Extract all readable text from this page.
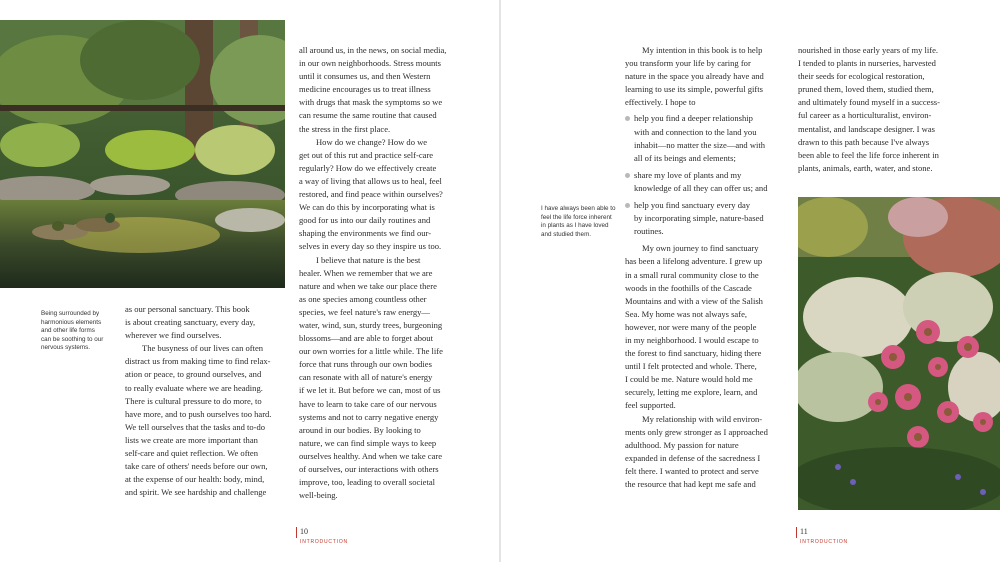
Being surrounded by
harmonious elements
and other life forms
can be soothing to our
nervous systems.

as our personal sanctuary. This book
is about creating sanctuary, every day,
wherever we find ourselves.

The busyness of our lives can often
distract us from making time to find relax-
ation or peace, to ground ourselves, and
to really evaluate where we are heading.
There is cultural pressure to do more, to
have more, and to push ourselves too hard.
We tell ourselves that the tasks and to-do
lists we create are more important than
self-care and quiet reflection. We often
take care of others' needs before our own,
at the expense of our health: body, mind,
and spirit. We see hardship and challenge

all around us, in the news, on social media,
in our own neighborhoods. Stress mounts
until it consumes us, and then Western
medicine encourages us to treat illness
with drugs that mask the symptoms so we
can resume the same routine that caused
the stress in the first place.

How do we change? How do we
get out of this rut and practice self-care
regularly? How do we effectively create
a way of living that allows us to heal, feel
restored, and find peace within ourselves?
We can do this by incorporating what is
good for us into our daily routines and
shaping the environments we find our-
selves in every day so they inspire us too.

I believe that nature is the best
healer. When we remember that we are
nature and when we take our place there
as one species among countless other
species, we feel nature's raw energy—
water, wind, sun, sturdy trees, burgeoning
blossoms—and are able to forget about
our own worries for a little while. The life
force that runs through our own bodies
can resonate with all of nature's energy
if we let it. But before we can, most of us
have to learn to take care of our nervous
systems and not to carry negative energy
around in our bodies. By looking to
nature, we can find simple ways to keep
ourselves healthy. And when we take care
of ourselves, our interactions with others
improve, too, leading to overall societal
well-being.

10
INTRODUCTION
I have always been able to
feel the life force inherent
in plants as I have loved
and studied them.

My intention in this book is to help
you transform your life by caring for
nature in the space you already have and
learning to use its simple, powerful gifts
effectively. I hope to

help you find a deeper relationship
with and connection to the land you
inhabit—no matter the size—and with
all of its beings and elements;
share my love of plants and my
knowledge of all they can offer us; and
help you find sanctuary every day
by incorporating simple, nature-based
routines.

My own journey to find sanctuary
has been a lifelong adventure. I grew up
in a small rural community close to the
woods in the foothills of the Cascade
Mountains and with a view of the Salish
Sea. My home was not always safe,
however, nor were many of the people
in my neighborhood. I would escape to
the forest to find sanctuary, hiding there
until I felt protected and whole. There,
I could be me. Nature would hold me
securely, letting me explore, learn, and
feel supported.

My relationship with wild environ-
ments only grew stronger as I approached
adulthood. My passion for nature
expanded in defense of the sacredness I
felt there. I wanted to protect and serve
the resource that had kept me safe and

nourished in those early years of my life.
I tended to plants in nurseries, harvested
their seeds for ecological restoration,
pruned them, loved them, studied them,
and ultimately found myself in a success-
ful career as a horticulturalist, environ-
mentalist, and landscape designer. I was
drawn to this path because I've always
been able to feel the life force inherent in
plants, animals, earth, water, and stone.

11
INTRODUCTION
